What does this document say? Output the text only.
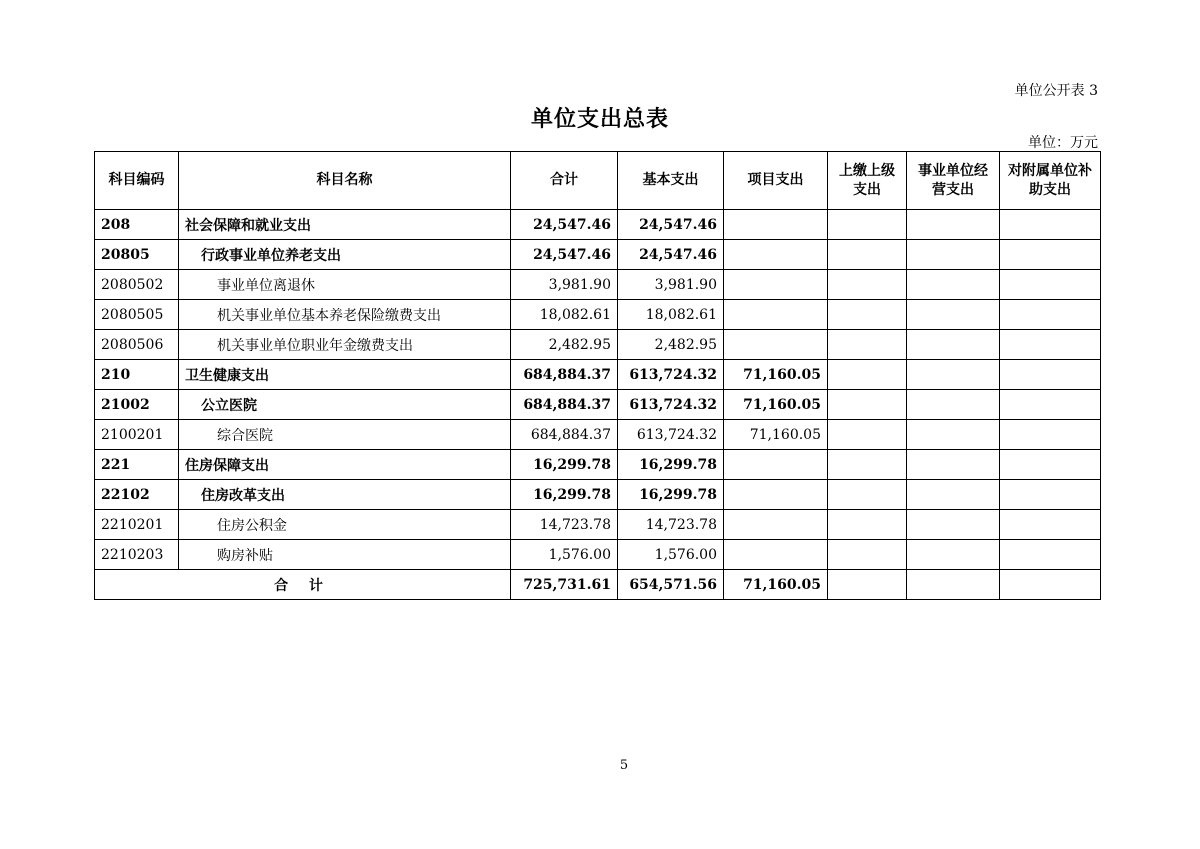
单位公开表 3
单位支出总表
单位：万元
科目编码	科目名称	合计	基本支出	项目支出	上缴上级支出	事业单位经营支出	对附属单位补助支出
208	社会保障和就业支出	24,547.46	24,547.46				
20805	行政事业单位养老支出	24,547.46	24,547.46				
2080502	事业单位离退休	3,981.90	3,981.90				
2080505	机关事业单位基本养老保险缴费支出	18,082.61	18,082.61				
2080506	机关事业单位职业年金缴费支出	2,482.95	2,482.95				
210	卫生健康支出	684,884.37	613,724.32	71,160.05			
21002	公立医院	684,884.37	613,724.32	71,160.05			
2100201	综合医院	684,884.37	613,724.32	71,160.05			
221	住房保障支出	16,299.78	16,299.78				
22102	住房改革支出	16,299.78	16,299.78				
2210201	住房公积金	14,723.78	14,723.78				
2210203	购房补贴	1,576.00	1,576.00				
合 计		725,731.61	654,571.56	71,160.05			
5
